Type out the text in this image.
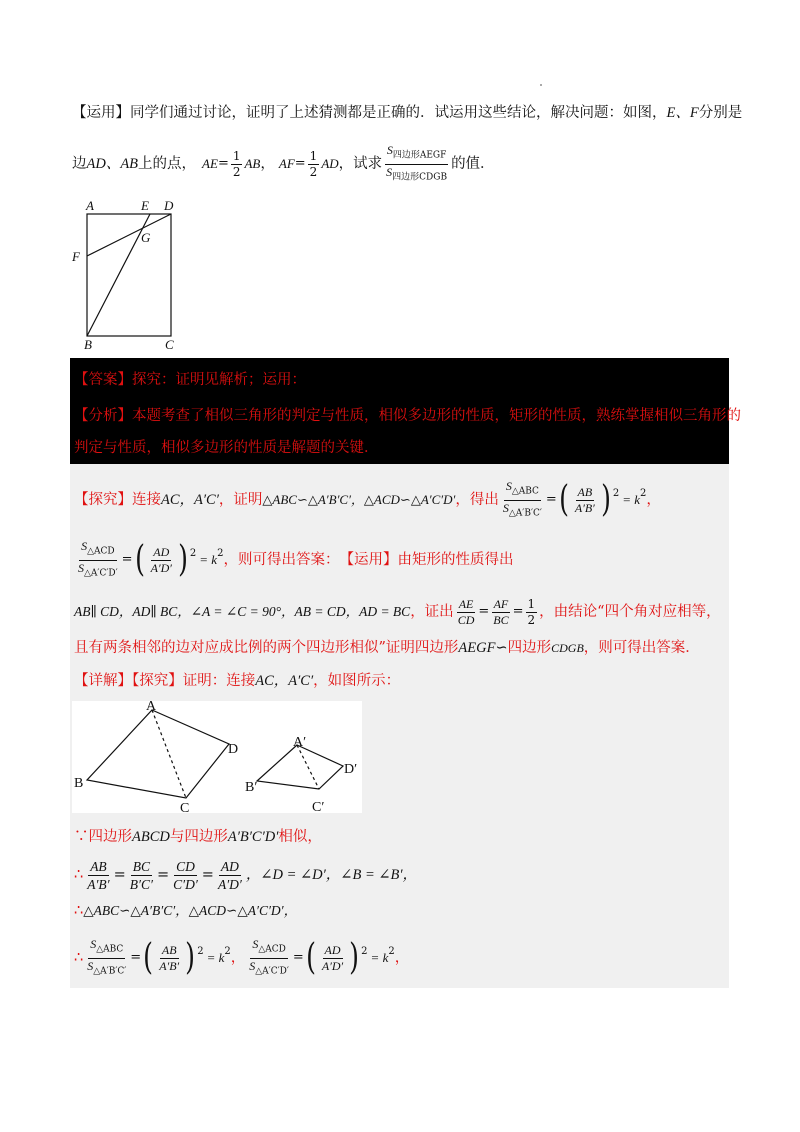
【运用】同学们通过讨论，证明了上述猜测都是正确的．试运用这些结论，解决问题：如图，E、F分别是
边 AD、AB 上的点， AE = $\frac{1}{2}$ AB ， AF = $\frac{1}{2}$ AD ，试求 $\frac{S_{四边形AEGF}}{S_{四边形CDGB}}$ 的值．
A	E D
F
G
B	C
【答案】探究：证明见解析；运用：
【分析】本题考查了相似三角形的判定与性质，相似多边形的性质，矩形的性质，熟练掌握相似三角形的
判定与性质，相似多边形的性质是解题的关键．
【探究】 连接 AC，A′C′ ，证明 △ABC∽△A′B′C′，△ACD∽△A′C′D′ ，得出 $\frac{S_{\triangle ABC}}{S_{\triangle A'B'C'}}$ = ( $\frac{AB}{A'B'} )^2 = k^2$ ，
$\frac{S_{\triangle ACD}}{S_{\triangle A'C'D'}}$ = ( $\frac{AD}{A'D'} )^2 = k^2$ ，则可得出答案： 【运用】 由矩形的性质得出
AB∥ CD，AD∥ BC，∠A = ∠C = 90°，AB = CD，AD = BC ，证出 $\frac{AE}{CD} = \frac{AF}{BC} = \frac{1}{2}$ ，由结论“四个角对应相等，
且有两条相邻的边对应成比例的两个四边形相似”证明四边形AEGF∽四边形CDGB，则可得出答案．
【详解】【探究】证明：连接AC，A′C′，如图所示：
A
D
B
C
A′
D′
B′
C′
∵四边形ABCD与四边形A′B′C′D′相似，
∴ $\frac{AB}{A'B'} = \frac{BC}{B'C'} = \frac{CD}{C'D'} = \frac{AD}{A'D'}$ ，∠D = ∠D′，∠B = ∠B′，
∴△ABC∽△A′B′C′，△ACD∽△A′C′D′，
∴ $\frac{S_{\triangle ABC}}{S_{\triangle A'B'C'}}$ = ( $\frac{AB}{A'B'} )^2 = k^2$ ， $\frac{S_{\triangle ACD}}{S_{\triangle A'C'D'}}$ = ( $\frac{AD}{A'D'} )^2 = k^2$ ，
